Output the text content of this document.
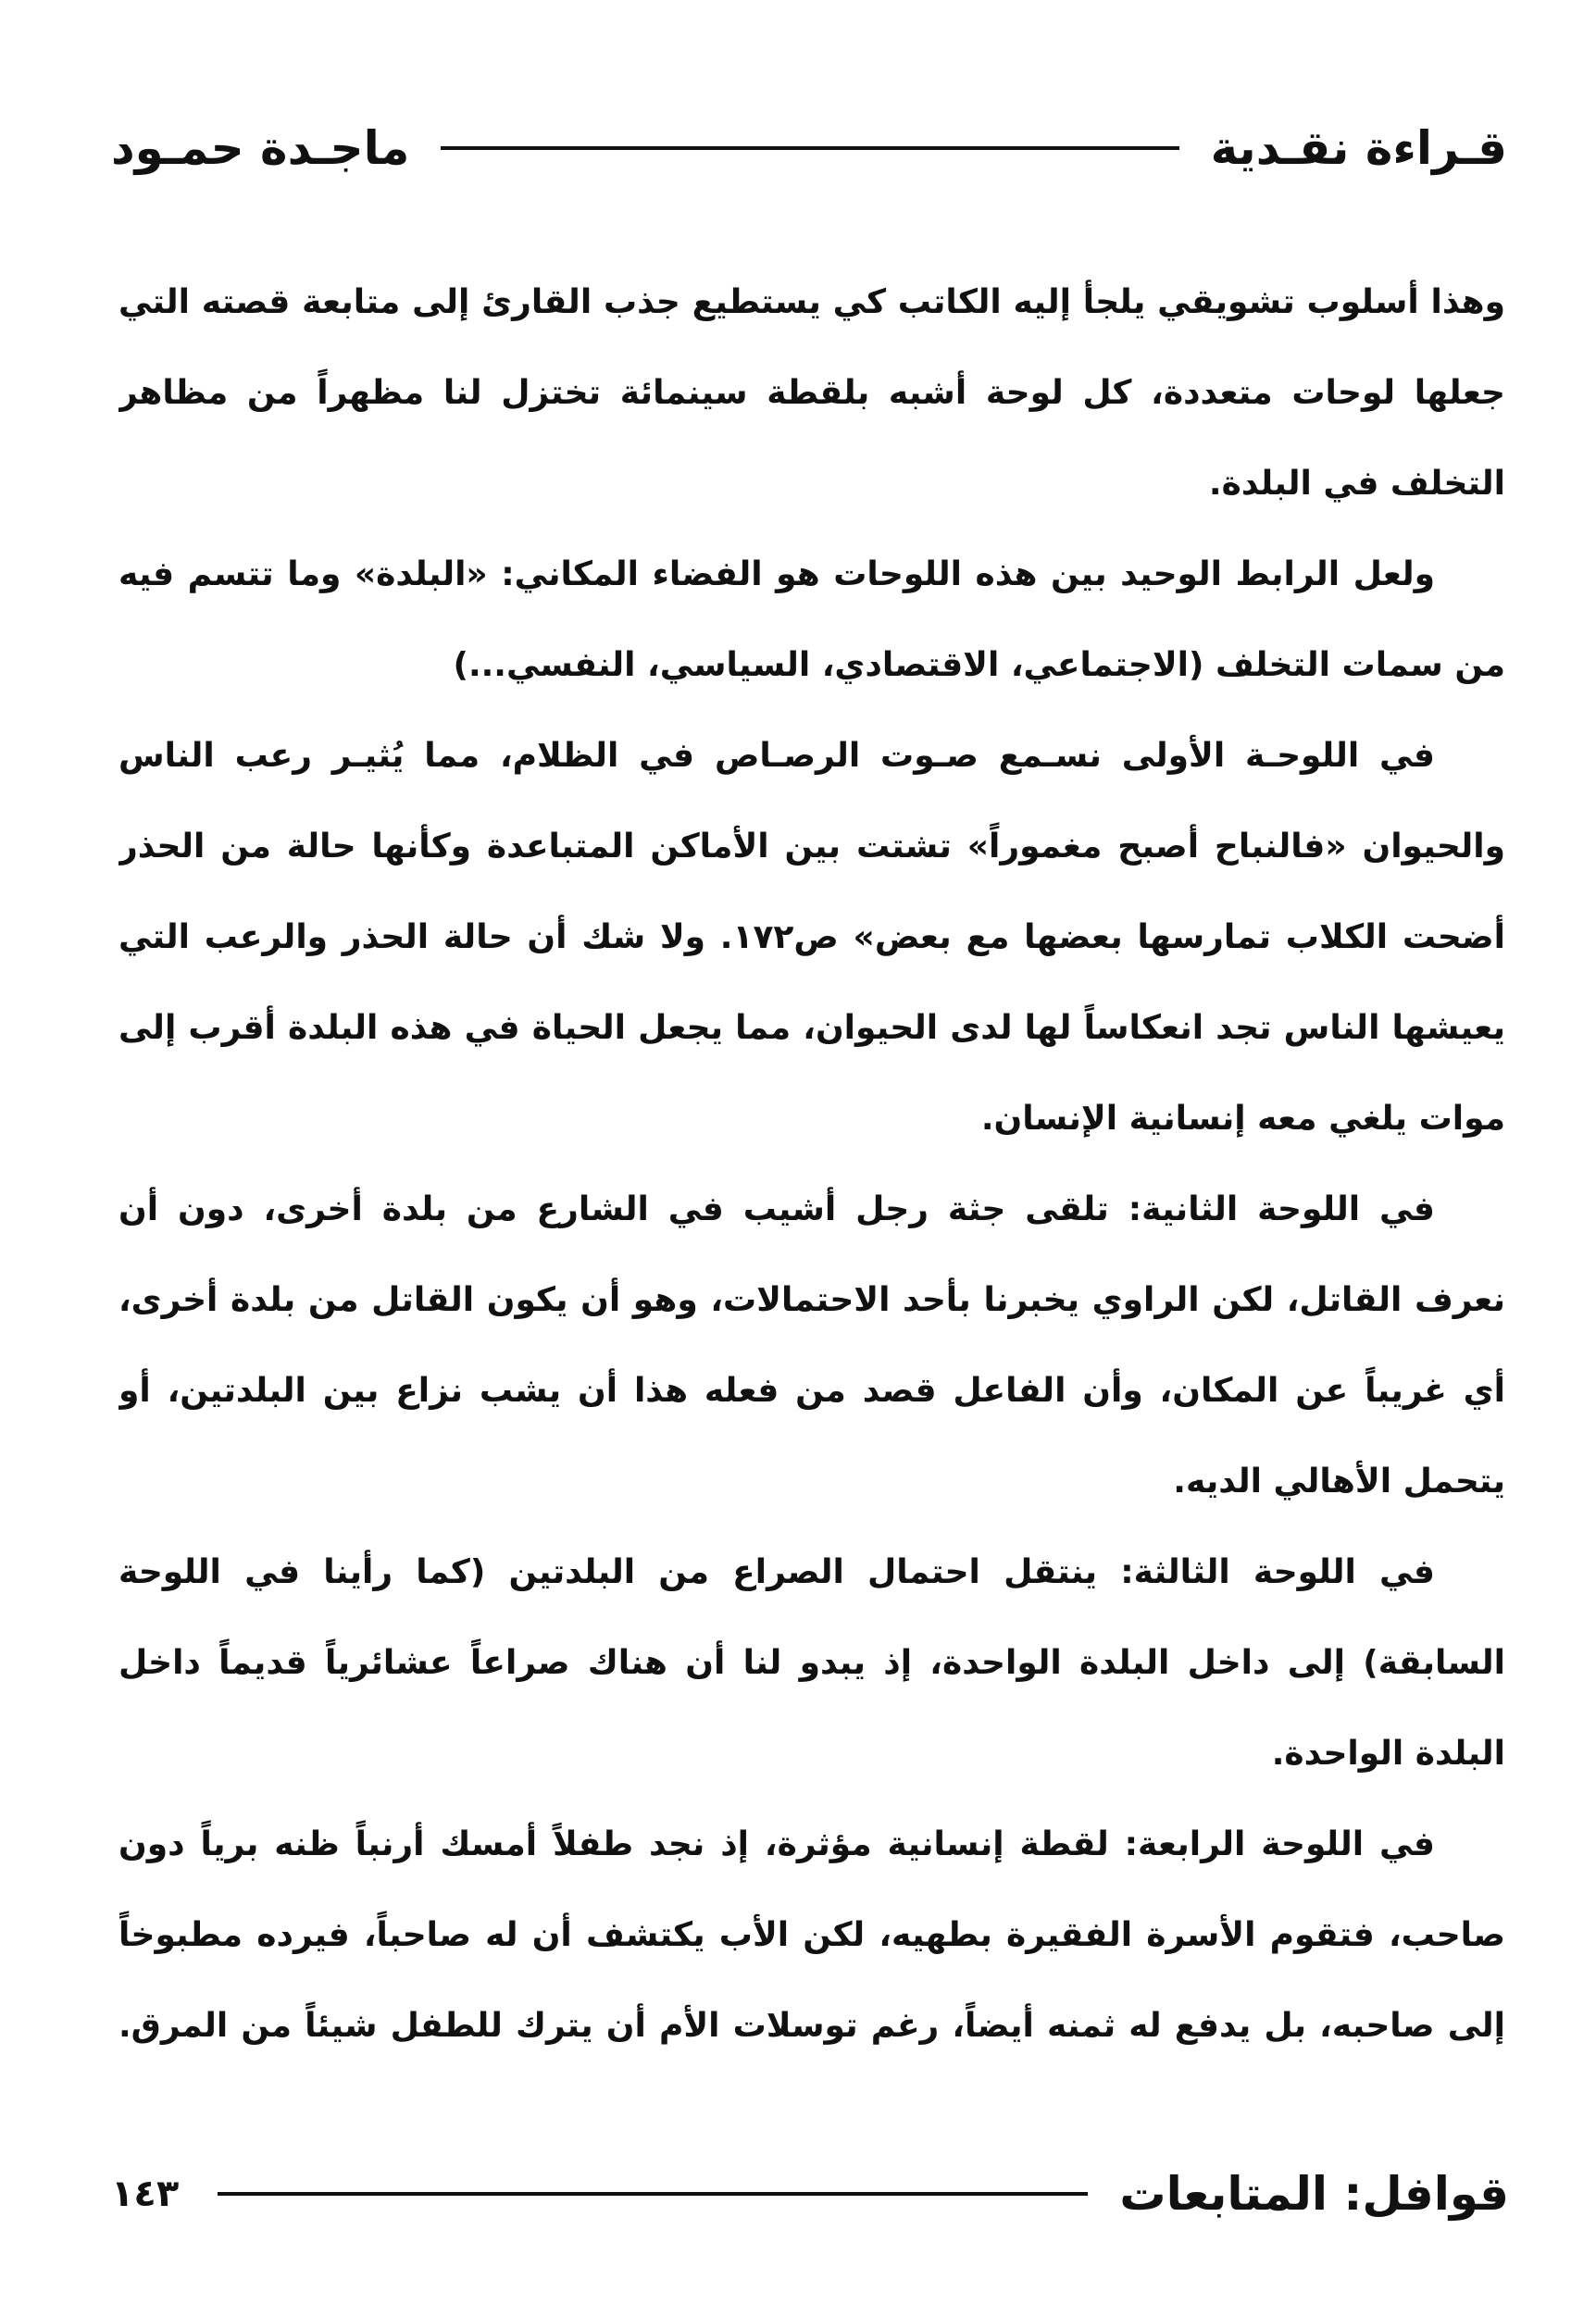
قـراءة نقـدية
ماجـدة حمـود

وهذا أسلوب تشويقي يلجأ إليه الكاتب كي يستطيع جذب القارئ إلى متابعة قصته التي جعلها لوحات متعددة، كل لوحة أشبه بلقطة سينمائة تختزل لنا مظهراً من مظاهر التخلف في البلدة.

ولعل الرابط الوحيد بين هذه اللوحات هو الفضاء المكاني: «البلدة» وما تتسم فيه من سمات التخلف (الاجتماعي، الاقتصادي، السياسي، النفسي...)

في اللوحـة الأولى نسـمع صـوت الرصـاص في الظلام، مما يُثيـر رعب الناس والحيوان «فالنباح أصبح مغموراً» تشتت بين الأماكن المتباعدة وكأنها حالة من الحذر أضحت الكلاب تمارسها بعضها مع بعض» ص١٧٢. ولا شك أن حالة الحذر والرعب التي يعيشها الناس تجد انعكاساً لها لدى الحيوان، مما يجعل الحياة في هذه البلدة أقرب إلى موات يلغي معه إنسانية الإنسان.

في اللوحة الثانية: تلقى جثة رجل أشيب في الشارع من بلدة أخرى، دون أن نعرف القاتل، لكن الراوي يخبرنا بأحد الاحتمالات، وهو أن يكون القاتل من بلدة أخرى، أي غريباً عن المكان، وأن الفاعل قصد من فعله هذا أن يشب نزاع بين البلدتين، أو يتحمل الأهالي الديه.

في اللوحة الثالثة: ينتقل احتمال الصراع من البلدتين (كما رأينا في اللوحة السابقة) إلى داخل البلدة الواحدة، إذ يبدو لنا أن هناك صراعاً عشائرياً قديماً داخل البلدة الواحدة.

في اللوحة الرابعة: لقطة إنسانية مؤثرة، إذ نجد طفلاً أمسك أرنباً ظنه برياً دون صاحب، فتقوم الأسرة الفقيرة بطهيه، لكن الأب يكتشف أن له صاحباً، فيرده مطبوخاً إلى صاحبه، بل يدفع له ثمنه أيضاً، رغم توسلات الأم أن يترك للطفل شيئاً من المرق.

قوافل: المتابعات
١٤٣
